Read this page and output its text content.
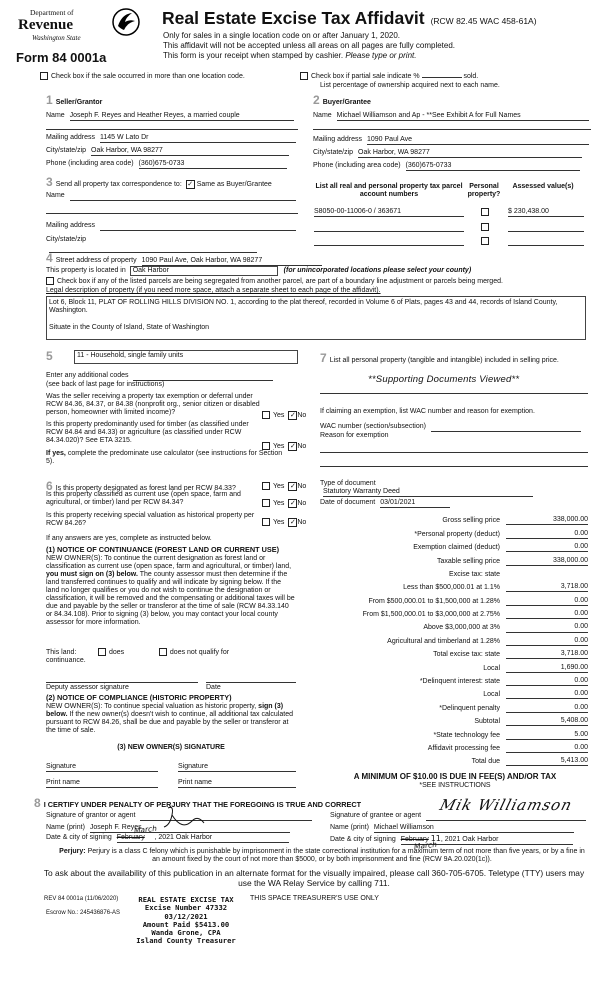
Department of
Revenue
Washington State
Form 84 0001a
Real Estate Excise Tax Affidavit (RCW 82.45 WAC 458-61A)
Only for sales in a single location code on or after January 1, 2020.
This affidavit will not be accepted unless all areas on all pages are fully completed.
This form is your receipt when stamped by cashier. Please type or print.
Check box if the sale occurred in more than one location code.	Check box if partial sale indicate %	sold.
List percentage of ownership acquired next to each name.
1 Seller/Grantor
Name Joseph F. Reyes and Heather Reyes, a married couple
Mailing address 1145 W Lato Dr
City/state/zip Oak Harbor, WA 98277
Phone (including area code) (360)675-0733
2 Buyer/Grantee
Name Michael Williamson and Ap - **See Exhibit A for Full Names
Mailing address 1090 Paul Ave
City/state/zip Oak Harbor, WA 98277
Phone (including area code) (360)675-0733
3 Send all property tax correspondence to: ✓ Same as Buyer/Grantee
Name
Mailing address
City/state/zip
List all real and personal property tax parcel account numbers
Personal property?
Assessed value(s)
S8050-00-11006-0 / 363671	$ 230,438.00
4 Street address of property 1090 Paul Ave, Oak Harbor, WA 98277
This property is located in Oak Harbor	(for unincorporated locations please select your county)
Check box if any of the listed parcels are being segregated from another parcel, are part of a boundary line adjustment or parcels being merged.
Legal description of property (if you need more space, attach a separate sheet to each page of the affidavit).
Lot 6, Block 11, PLAT OF ROLLING HILLS DIVISION NO. 1, according to the plat thereof, recorded in Volume 6 of Plats, pages 43 and 44, records of Island County, Washington.
Situate in the County of Island, State of Washington
5	11 - Household, single family units
Enter any additional codes
(see back of last page for instructions)
Was the seller receiving a property tax exemption or deferral under RCW 84.36, 84.37, or 84.38 (nonprofit org., senior citizen or disabled person, homeowner with limited income)?	Yes ✓ No
Is this property predominantly used for timber (as classified under RCW 84.84 and 84.33) or agriculture (as classified under RCW 84.34.020)? See ETA 3215.
Yes ✓ No
If yes, complete the predominate use calculator (see instructions for Section 5).
6 Is this property designated as forest land per RCW 84.33?	Yes ✓ No
Is this property classified as current use (open space, farm and agricultural, or timber) land per RCW 84.34?	Yes ✓ No
Is this property receiving special valuation as historical property per RCW 84.26?	Yes ✓ No
If any answers are yes, complete as instructed below.
(1) NOTICE OF CONTINUANCE (FOREST LAND OR CURRENT USE)
NEW OWNER(S): To continue the current designation as forest land or classification as current use (open space, farm and agricultural, or timber) land, you must sign on (3) below. The county assessor must then determine if the land transferred continues to qualify and will indicate by signing below. If the land no longer qualifies or you do not wish to continue the designation or classification, it will be removed and the compensating or additional taxes will be due and payable by the seller or transferor at the time of sale (RCW 84.33.140 or 84.34.108). Prior to signing (3) below, you may contact your local county assessor for more information.
This land:	does	does not qualify for
continuance.
Deputy assessor signature	Date
(2) NOTICE OF COMPLIANCE (HISTORIC PROPERTY)
NEW OWNER(S): To continue special valuation as historic property, sign (3) below. If the new owner(s) doesn't wish to continue, all additional tax calculated pursuant to RCW 84.26, shall be due and payable by the seller or transferor at the time of sale.
(3) NEW OWNER(S) SIGNATURE
Signature	Signature
Print name	Print name
7 List all personal property (tangible and intangible) included in selling price.
**Supporting Documents Viewed**
If claiming an exemption, list WAC number and reason for exemption.
WAC number (section/subsection)
Reason for exemption
Type of document Statutory Warranty Deed
Date of document 03/01/2021
Gross selling price	338,000.00
*Personal property (deduct)	0.00
Exemption claimed (deduct)	0.00
Taxable selling price	338,000.00
Excise tax: state
Less than $500,000.01 at 1.1%	3,718.00
From $500,000.01 to $1,500,000 at 1.28%	0.00
From $1,500,000.01 to $3,000,000 at 2.75%	0.00
Above $3,000,000 at 3%	0.00
Agricultural and timberland at 1.28%	0.00
Total excise tax: state	3,718.00
Local	1,690.00
*Delinquent interest: state	0.00
Local	0.00
*Delinquent penalty	0.00
Subtotal	5,408.00
*State technology fee	5.00
Affidavit processing fee	0.00
Total due	5,413.00
A MINIMUM OF $10.00 IS DUE IN FEE(S) AND/OR TAX
*SEE INSTRUCTIONS
8 I CERTIFY UNDER PENALTY OF PERJURY THAT THE FOREGOING IS TRUE AND CORRECT
Signature of grantor or agent
Name (print) Joseph F. Reyes
Date & city of signing February , 2021 Oak Harbor
March
Signature of grantee or agent
Mik Williamson
Name (print) Michael Williamson
Date & city of signing February 11, 2021 Oak Harbor
March
Perjury: Perjury is a class C felony which is punishable by imprisonment in the state correctional institution for a maximum term of not more than five years, or by a fine in an amount fixed by the court of not more than $5000, or by both imprisonment and fine (RCW 9A.20.020(1c)).
To ask about the availability of this publication in an alternate format for the visually impaired, please call 360-705-6705. Teletype (TTY) users may use the WA Relay Service by calling 711.
REV 84 0001a (11/06/2020)
Escrow No.: 245436876-AS
THIS SPACE TREASURER'S USE ONLY
REAL ESTATE EXCISE TAX
Excise Number 47332
03/12/2021
Amount Paid $5413.00
Wanda Grone, CPA
Island County Treasurer
